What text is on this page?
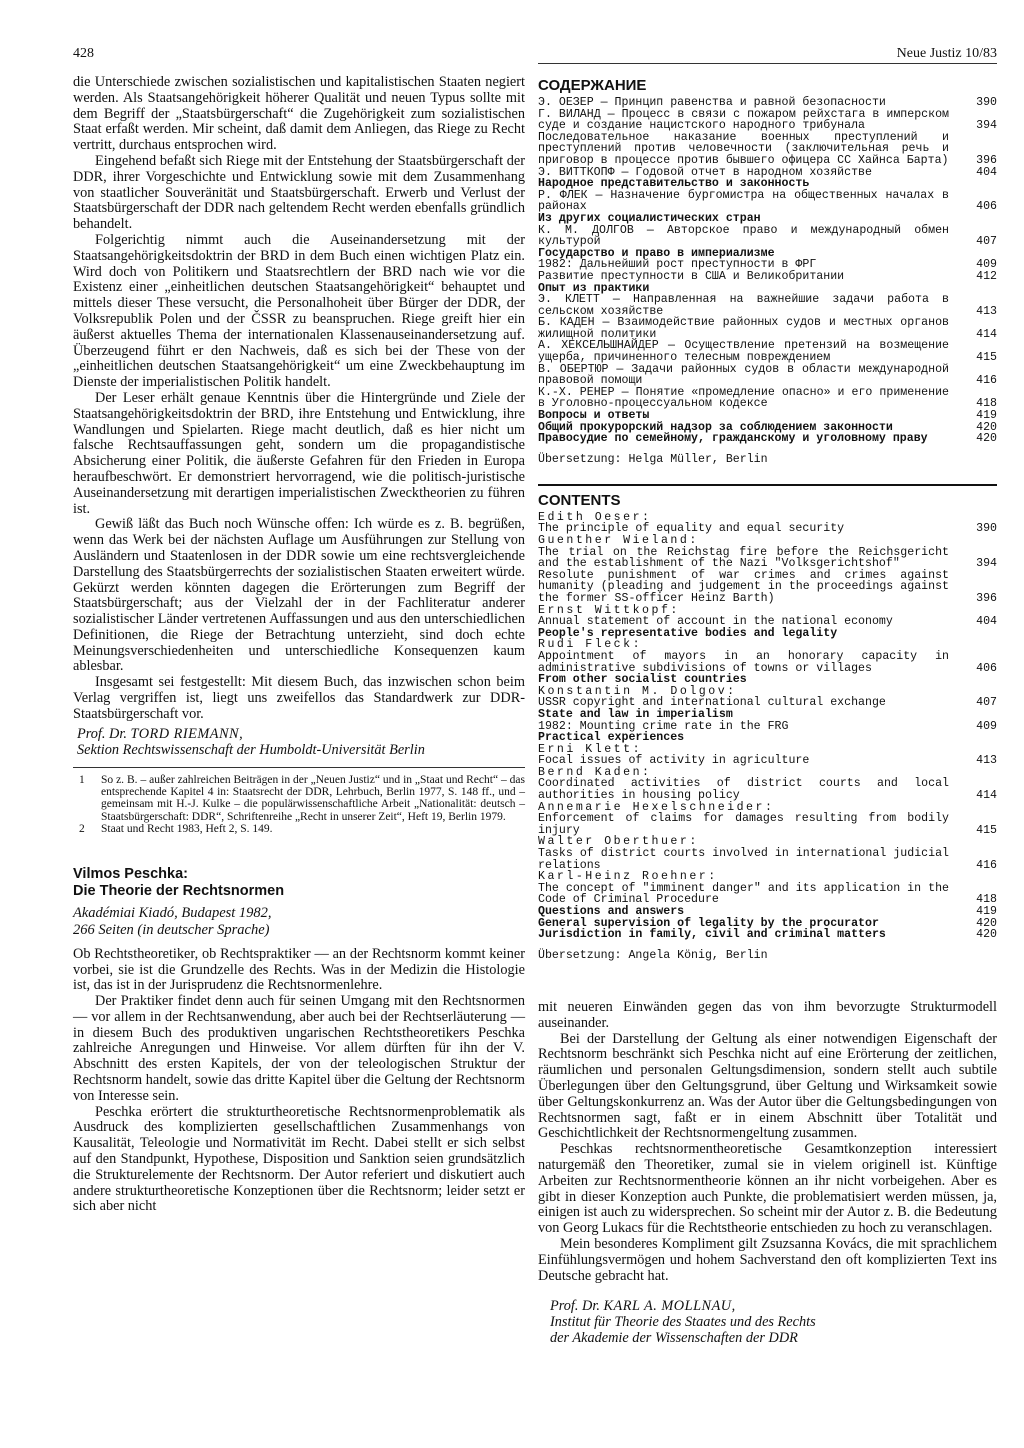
428	Neue Justiz 10/83

die Unterschiede zwischen sozialistischen und kapitalistischen Staaten negiert werden. Als Staatsangehörigkeit höherer Qualität und neuen Typus sollte mit dem Begriff der „Staatsbürgerschaft“ die Zugehörigkeit zum sozialistischen Staat erfaßt werden. Mir scheint, daß damit dem Anliegen, das Riege zu Recht vertritt, durchaus entsprochen wird.

Eingehend befaßt sich Riege mit der Entstehung der Staatsbürgerschaft der DDR, ihrer Vorgeschichte und Entwicklung sowie mit dem Zusammenhang von staatlicher Souveränität und Staatsbürgerschaft. Erwerb und Verlust der Staatsbürgerschaft der DDR nach geltendem Recht werden ebenfalls gründlich behandelt.

Folgerichtig nimmt auch die Auseinandersetzung mit der Staatsangehörigkeitsdoktrin der BRD in dem Buch einen wichtigen Platz ein. Wird doch von Politikern und Staatsrechtlern der BRD nach wie vor die Existenz einer „einheitlichen deutschen Staatsangehörigkeit“ behauptet und mittels dieser These versucht, die Personalhoheit über Bürger der DDR, der Volksrepublik Polen und der ČSSR zu beanspruchen. Riege greift hier ein äußerst aktuelles Thema der internationalen Klassenauseinandersetzung auf. Überzeugend führt er den Nachweis, daß es sich bei der These von der „einheitlichen deutschen Staatsangehörigkeit“ um eine Zweckbehauptung im Dienste der imperialistischen Politik handelt.

Der Leser erhält genaue Kenntnis über die Hintergründe und Ziele der Staatsangehörigkeitsdoktrin der BRD, ihre Entstehung und Entwicklung, ihre Wandlungen und Spielarten. Riege macht deutlich, daß es hier nicht um falsche Rechtsauffassungen geht, sondern um die propagandistische Absicherung einer Politik, die äußerste Gefahren für den Frieden in Europa heraufbeschwört. Er demonstriert hervorragend, wie die politisch-juristische Auseinandersetzung mit derartigen imperialistischen Zwecktheorien zu führen ist.

Gewiß läßt das Buch noch Wünsche offen: Ich würde es z. B. begrüßen, wenn das Werk bei der nächsten Auflage um Ausführungen zur Stellung von Ausländern und Staatenlosen in der DDR sowie um eine rechtsvergleichende Darstellung des Staatsbürgerrechts der sozialistischen Staaten erweitert würde. Gekürzt werden könnten dagegen die Erörterungen zum Begriff der Staatsbürgerschaft; aus der Vielzahl der in der Fachliteratur anderer sozialistischer Länder vertretenen Auffassungen und aus den unterschiedlichen Definitionen, die Riege der Betrachtung unterzieht, sind doch echte Meinungsverschiedenheiten und unterschiedliche Konsequenzen kaum ablesbar.

Insgesamt sei festgestellt: Mit diesem Buch, das inzwischen schon beim Verlag vergriffen ist, liegt uns zweifellos das Standardwerk zur DDR-Staatsbürgerschaft vor.

Prof. Dr. TORD RIEMANN,
Sektion Rechtswissenschaft der Humboldt-Universität Berlin
1	So z. B. – außer zahlreichen Beiträgen in der „Neuen Justiz“ und in „Staat und Recht“ – das entsprechende Kapitel 4 in: Staatsrecht der DDR, Lehrbuch, Berlin 1977, S. 148 ff., und – gemeinsam mit H.-J. Kulke – die populärwissenschaftliche Arbeit „Nationalität: deutsch – Staatsbürgerschaft: DDR“, Schriftenreihe „Recht in unserer Zeit“, Heft 19, Berlin 1979.
2	Staat und Recht 1983, Heft 2, S. 149.
Vilmos Peschka:
Die Theorie der Rechtsnormen
Akadémiai Kiadó, Budapest 1982,
266 Seiten (in deutscher Sprache)

Ob Rechtstheoretiker, ob Rechtspraktiker — an der Rechtsnorm kommt keiner vorbei, sie ist die Grundzelle des Rechts. Was in der Medizin die Histologie ist, das ist in der Jurisprudenz die Rechtsnormenlehre.

Der Praktiker findet denn auch für seinen Umgang mit den Rechtsnormen — vor allem in der Rechtsanwendung, aber auch bei der Rechtserläuterung — in diesem Buch des produktiven ungarischen Rechtstheoretikers Peschka zahlreiche Anregungen und Hinweise. Vor allem dürften für ihn der V. Abschnitt des ersten Kapitels, der von der teleologischen Struktur der Rechtsnorm handelt, sowie das dritte Kapitel über die Geltung der Rechtsnorm von Interesse sein.

Peschka erörtert die strukturtheoretische Rechtsnormenproblematik als Ausdruck des komplizierten gesellschaftlichen Zusammenhangs von Kausalität, Teleologie und Normativität im Recht. Dabei stellt er sich selbst auf den Standpunkt, Hypothese, Disposition und Sanktion seien grundsätzlich die Strukturelemente der Rechtsnorm. Der Autor referiert und diskutiert auch andere strukturtheoretische Konzeptionen über die Rechtsnorm; leider setzt er sich aber nicht

СОДЕРЖАНИЕ
Э. ОЕЗЕР — Принцип равенства и равной безопасности	390
Г. ВИЛАНД — Процесс в связи с пожаром рейхстага в имперском суде и создание нацистского народного трибунала	394
Последовательное наказание военных преступлений и преступлений против человечности (заключительная речь и приговор в процессе против бывшего офицера СС Хайнса Барта)	396
Э. ВИТТКОПФ — Годовой отчет в народном хозяйстве	404
Народное представительство и законность
Р. ФЛЕК — Назначение бургомистра на общественных началах в районах	406
Из других социалистических стран
К. М. ДОЛГОВ — Авторское право и международный обмен культурой	407
Государство и право в империализме
1982: Дальнейший рост преступности в ФРГ	409
Развитие преступности в США и Великобритании	412
Опыт из практики
Э. КЛЕТТ — Направленная на важнейшие задачи работа в сельском хозяйстве	413
Б. КАДЕН — Взаимодействие районных судов и местных органов жилищной политики	414
А. ХЕКСЕЛЬШНАЙДЕР — Осуществление претензий на возмещение ущерба, причиненного телесным повреждением	415
В. ОБЕРТЮР — Задачи районных судов в области международной правовой помощи	416
К.-Х. РЕНЕР — Понятие «промедление опасно» и его применение в Уголовно-процессуальном кодексе	418
Вопросы и ответы	419
Общий прокурорский надзор за соблюдением законности	420
Правосудие по семейному, гражданскому и уголовному праву	420
Übersetzung: Helga Müller, Berlin
CONTENTS
Edith Oeser:
The principle of equality and equal security	390
Guenther Wieland:
The trial on the Reichstag fire before the Reichsgericht and the establishment of the Nazi "Volksgerichtshof"	394
Resolute punishment of war crimes and crimes against humanity (pleading and judgement in the proceedings against the former SS-officer Heinz Barth)	396
Ernst Wittkopf:
Annual statement of account in the national economy	404
People's representative bodies and legality
Rudi Fleck:
Appointment of mayors in an honorary capacity in administrative subdivisions of towns or villages	406
From other socialist countries
Konstantin M. Dolgov:
USSR copyright and international cultural exchange	407
State and law in imperialism
1982: Mounting crime rate in the FRG	409
Practical experiences
Erni Klett:
Focal issues of activity in agriculture	413
Bernd Kaden:
Coordinated activities of district courts and local authorities in housing policy	414
Annemarie Hexelschneider:
Enforcement of claims for damages resulting from bodily injury	415
Walter Oberthuer:
Tasks of district courts involved in international judicial relations	416
Karl-Heinz Roehner:
The concept of "imminent danger" and its application in the Code of Criminal Procedure	418
Questions and answers	419
General supervision of legality by the procurator	420
Jurisdiction in family, civil and criminal matters	420
Übersetzung: Angela König, Berlin

mit neueren Einwänden gegen das von ihm bevorzugte Strukturmodell auseinander.

Bei der Darstellung der Geltung als einer notwendigen Eigenschaft der Rechtsnorm beschränkt sich Peschka nicht auf eine Erörterung der zeitlichen, räumlichen und personalen Geltungsdimension, sondern stellt auch subtile Überlegungen über den Geltungsgrund, über Geltung und Wirksamkeit sowie über Geltungskonkurrenz an. Was der Autor über die Geltungsbedingungen von Rechtsnormen sagt, faßt er in einem Abschnitt über Totalität und Geschichtlichkeit der Rechtsnormengeltung zusammen.

Peschkas rechtsnormentheoretische Gesamtkonzeption interessiert naturgemäß den Theoretiker, zumal sie in vielem originell ist. Künftige Arbeiten zur Rechtsnormentheorie können an ihr nicht vorbeigehen. Aber es gibt in dieser Konzeption auch Punkte, die problematisiert werden müssen, ja, einigen ist auch zu widersprechen. So scheint mir der Autor z. B. die Bedeutung von Georg Lukacs für die Rechtstheorie entschieden zu hoch zu veranschlagen.

Mein besonderes Kompliment gilt Zsuzsanna Kovács, die mit sprachlichem Einfühlungsvermögen und hohem Sachverstand den oft komplizierten Text ins Deutsche gebracht hat.

Prof. Dr. KARL A. MOLLNAU,
Institut für Theorie des Staates und des Rechts
der Akademie der Wissenschaften der DDR
